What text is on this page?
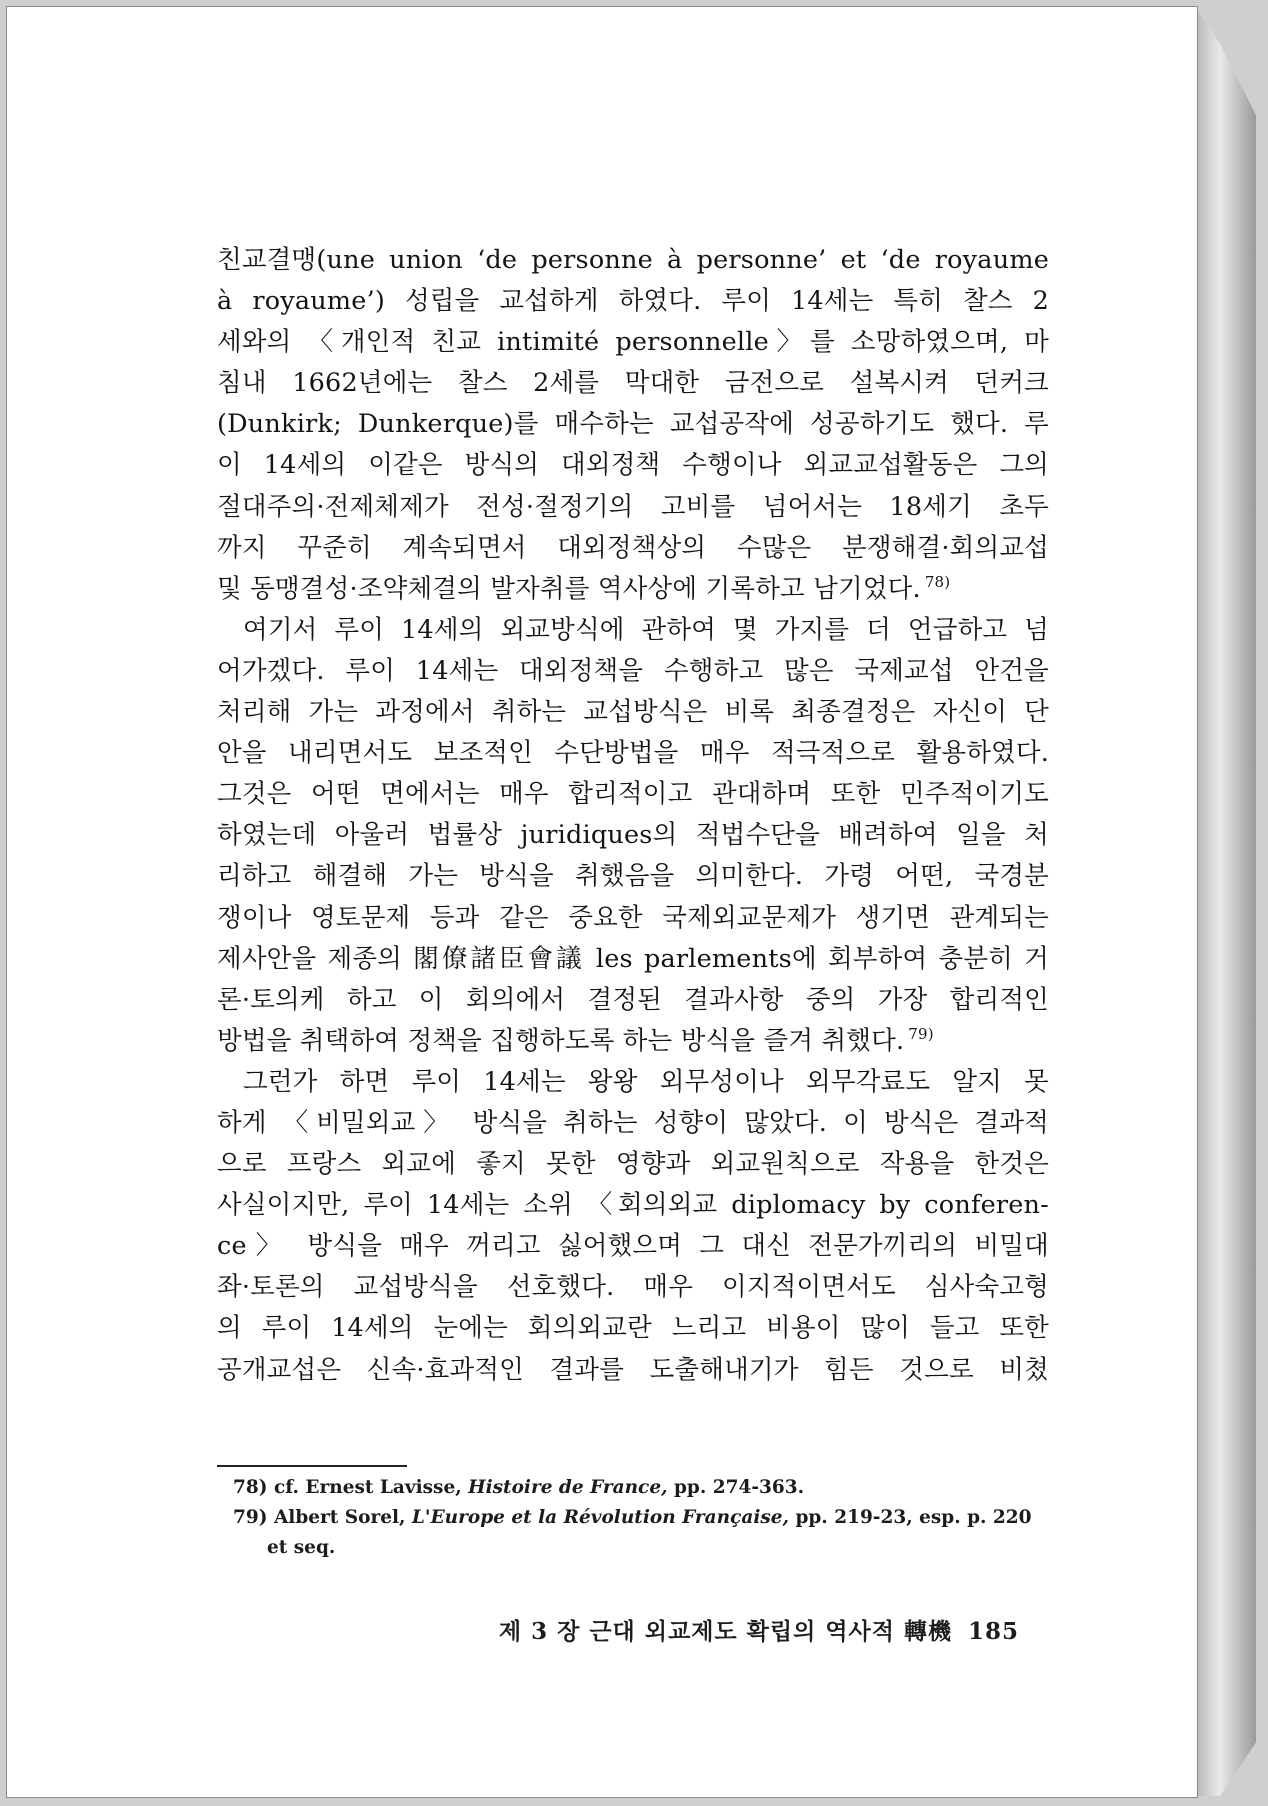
친교결맹(une union ‘de personne à personne’ et ‘de royaume
à royaume’) 성립을 교섭하게 하였다. 루이 14세는 특히 찰스 2
세와의 〈개인적 친교 intimité personnelle〉를 소망하였으며, 마
침내 1662년에는 찰스 2세를 막대한 금전으로 설복시켜 던커크
(Dunkirk; Dunkerque)를 매수하는 교섭공작에 성공하기도 했다. 루
이 14세의 이같은 방식의 대외정책 수행이나 외교교섭활동은 그의
절대주의·전제체제가 전성·절정기의 고비를 넘어서는 18세기 초두
까지 꾸준히 계속되면서 대외정책상의 수많은 분쟁해결·회의교섭
및 동맹결성·조약체결의 발자취를 역사상에 기록하고 남기었다. $^{78)}$
여기서 루이 14세의 외교방식에 관하여 몇 가지를 더 언급하고 넘
어가겠다. 루이 14세는 대외정책을 수행하고 많은 국제교섭 안건을
처리해 가는 과정에서 취하는 교섭방식은 비록 최종결정은 자신이 단
안을 내리면서도 보조적인 수단방법을 매우 적극적으로 활용하였다.
그것은 어떤 면에서는 매우 합리적이고 관대하며 또한 민주적이기도
하였는데 아울러 법률상 juridiques의 적법수단을 배려하여 일을 처
리하고 해결해 가는 방식을 취했음을 의미한다. 가령 어떤, 국경분
쟁이나 영토문제 등과 같은 중요한 국제외교문제가 생기면 관계되는
제사안을 제종의 閣僚諸臣會議 les parlements에 회부하여 충분히 거
론·토의케 하고 이 회의에서 결정된 결과사항 중의 가장 합리적인
방법을 취택하여 정책을 집행하도록 하는 방식을 즐겨 취했다. $^{79)}$
그런가 하면 루이 14세는 왕왕 외무성이나 외무각료도 알지 못
하게 〈비밀외교〉 방식을 취하는 성향이 많았다. 이 방식은 결과적
으로 프랑스 외교에 좋지 못한 영향과 외교원칙으로 작용을 한것은
사실이지만, 루이 14세는 소위 〈회의외교 diplomacy by conferen-
ce〉 방식을 매우 꺼리고 싫어했으며 그 대신 전문가끼리의 비밀대
좌·토론의 교섭방식을 선호했다. 매우 이지적이면서도 심사숙고형
의 루이 14세의 눈에는 회의외교란 느리고 비용이 많이 들고 또한
공개교섭은 신속·효과적인 결과를 도출해내기가 힘든 것으로 비쳤
78) cf. Ernest Lavisse, Histoire de France, pp. 274-363.
79) Albert Sorel, L'Europe et la Révolution Française, pp. 219-23, esp. p. 220
et seq.
제 3 장 근대 외교제도 확립의 역사적 轉機 185
